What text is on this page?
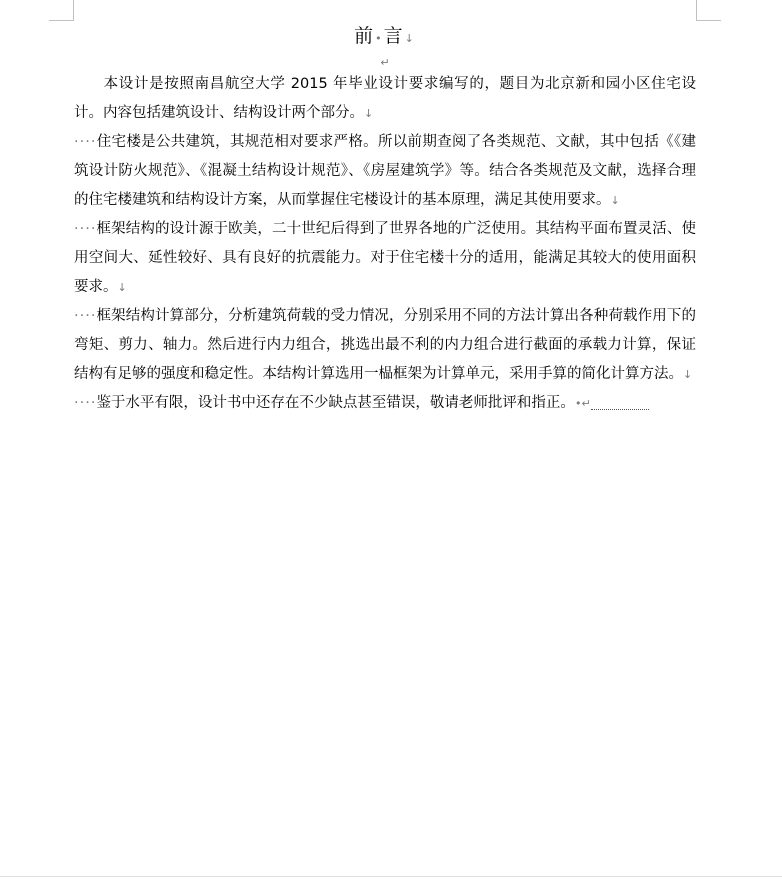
前•言↓
↵

本设计是按照南昌航空大学 2015 年毕业设计要求编写的，题目为北京新和园小区住宅设计。内容包括建筑设计、结构设计两个部分。↓

····住宅楼是公共建筑，其规范相对要求严格。所以前期查阅了各类规范、文献，其中包括《《建筑设计防火规范》、《混凝土结构设计规范》、《房屋建筑学》等。结合各类规范及文献，选择合理的住宅楼建筑和结构设计方案，从而掌握住宅楼设计的基本原理，满足其使用要求。↓

····框架结构的设计源于欧美，二十世纪后得到了世界各地的广泛使用。其结构平面布置灵活、使用空间大、延性较好、具有良好的抗震能力。对于住宅楼十分的适用，能满足其较大的使用面积要求。↓

····框架结构计算部分，分析建筑荷载的受力情况，分别采用不同的方法计算出各种荷载作用下的弯矩、剪力、轴力。然后进行内力组合，挑选出最不利的内力组合进行截面的承载力计算，保证结构有足够的强度和稳定性。本结构计算选用一榀框架为计算单元，采用手算的简化计算方法。↓

····鉴于水平有限，设计书中还存在不少缺点甚至错误，敬请老师批评和指正。•↵
